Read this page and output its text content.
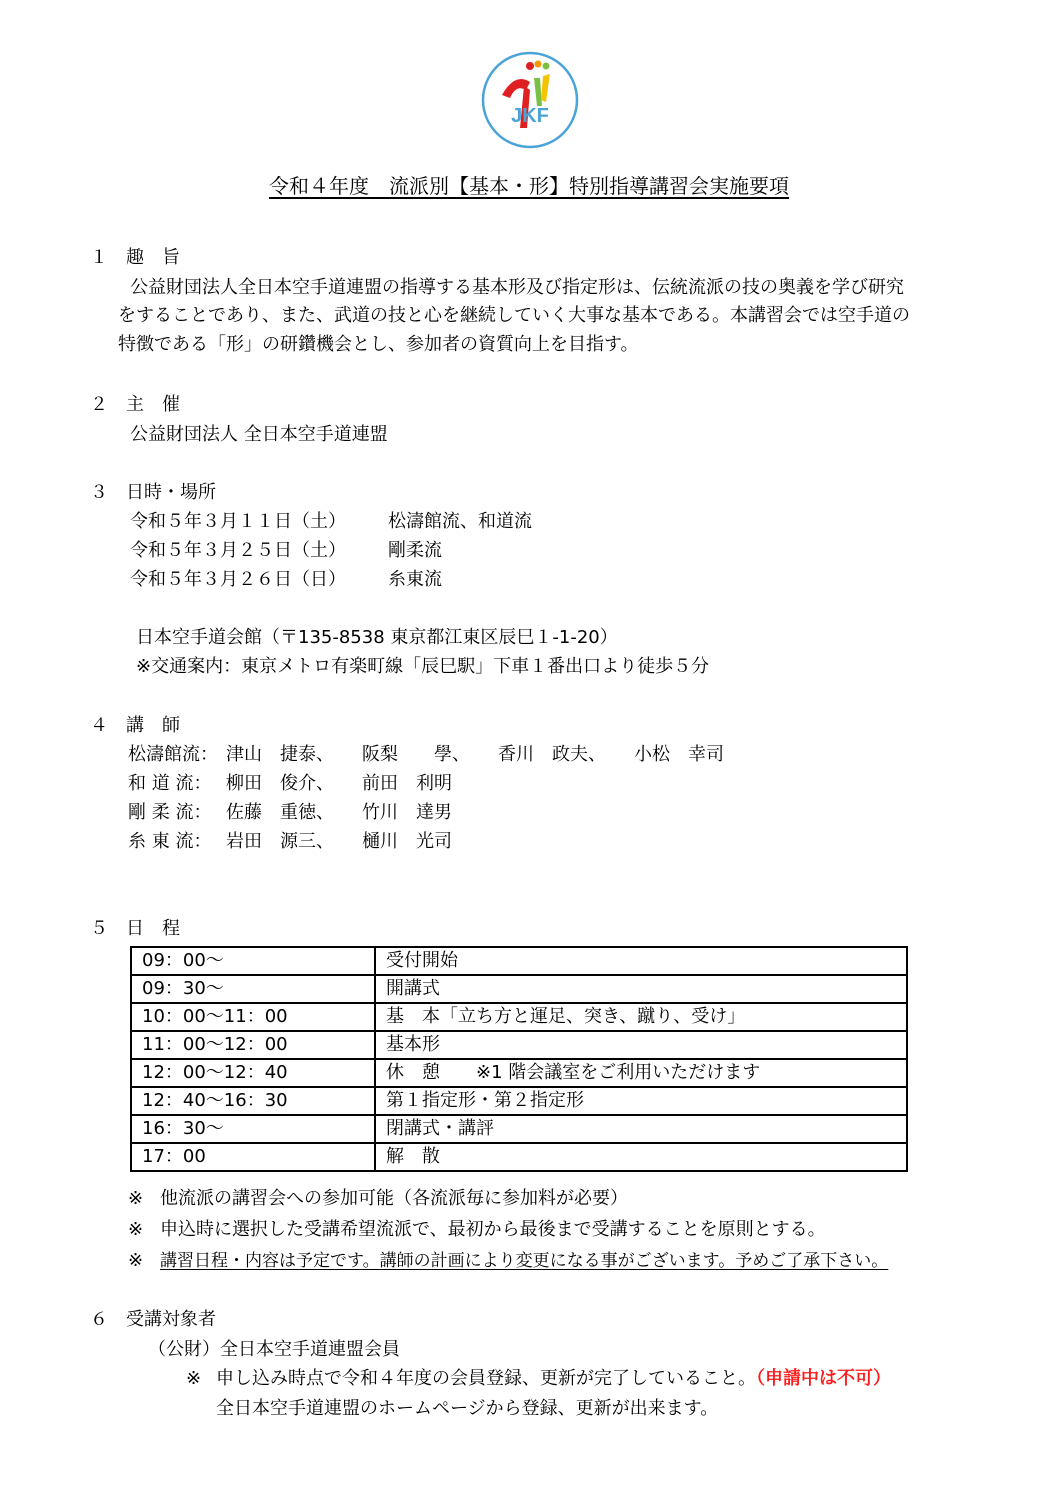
JKF
令和４年度　流派別【基本・形】特別指導講習会実施要項
１　趣　旨
公益財団法人全日本空手道連盟の指導する基本形及び指定形は、伝統流派の技の奥義を学び研究
をすることであり、また、武道の技と心を継続していく大事な基本である。本講習会では空手道の
特徴である「形」の研鑽機会とし、参加者の資質向上を目指す。
２　主　催
公益財団法人 全日本空手道連盟
３　日時・場所
令和５年３月１１日（土） 松濤館流、和道流
令和５年３月２５日（土） 剛柔流
令和５年３月２６日（日） 糸東流
日本空手道会館（〒135-8538 東京都江東区辰巳１-1-20）
※交通案内：東京メトロ有楽町線「辰巳駅」下車１番出口より徒歩５分
４　講　師
松濤館流： 津山　捷泰、 阪梨　　學、 香川　政夫、 小松　幸司
和 道 流： 柳田　俊介、 前田　利明
剛 柔 流： 佐藤　重徳、 竹川　達男
糸 東 流： 岩田　源三、 樋川　光司
５　日　程
09：00～	受付開始
09：30～	開講式
10：00～11：00	基　本「立ち方と運足、突き、蹴り、受け」
11：00～12：00	基本形
12：00～12：40	休　憩　　※1 階会議室をご利用いただけます
12：40～16：30	第１指定形・第２指定形
16：30～	閉講式・講評
17：00	解　散
※ 他流派の講習会への参加可能（各流派毎に参加料が必要）
※ 申込時に選択した受講希望流派で、最初から最後まで受講することを原則とする。
※ 講習日程・内容は予定です。講師の計画により変更になる事がございます。予めご了承下さい。
６　受講対象者
（公財）全日本空手道連盟会員
※ 申し込み時点で令和４年度の会員登録、更新が完了していること。（申請中は不可）
全日本空手道連盟のホームページから登録、更新が出来ます。
